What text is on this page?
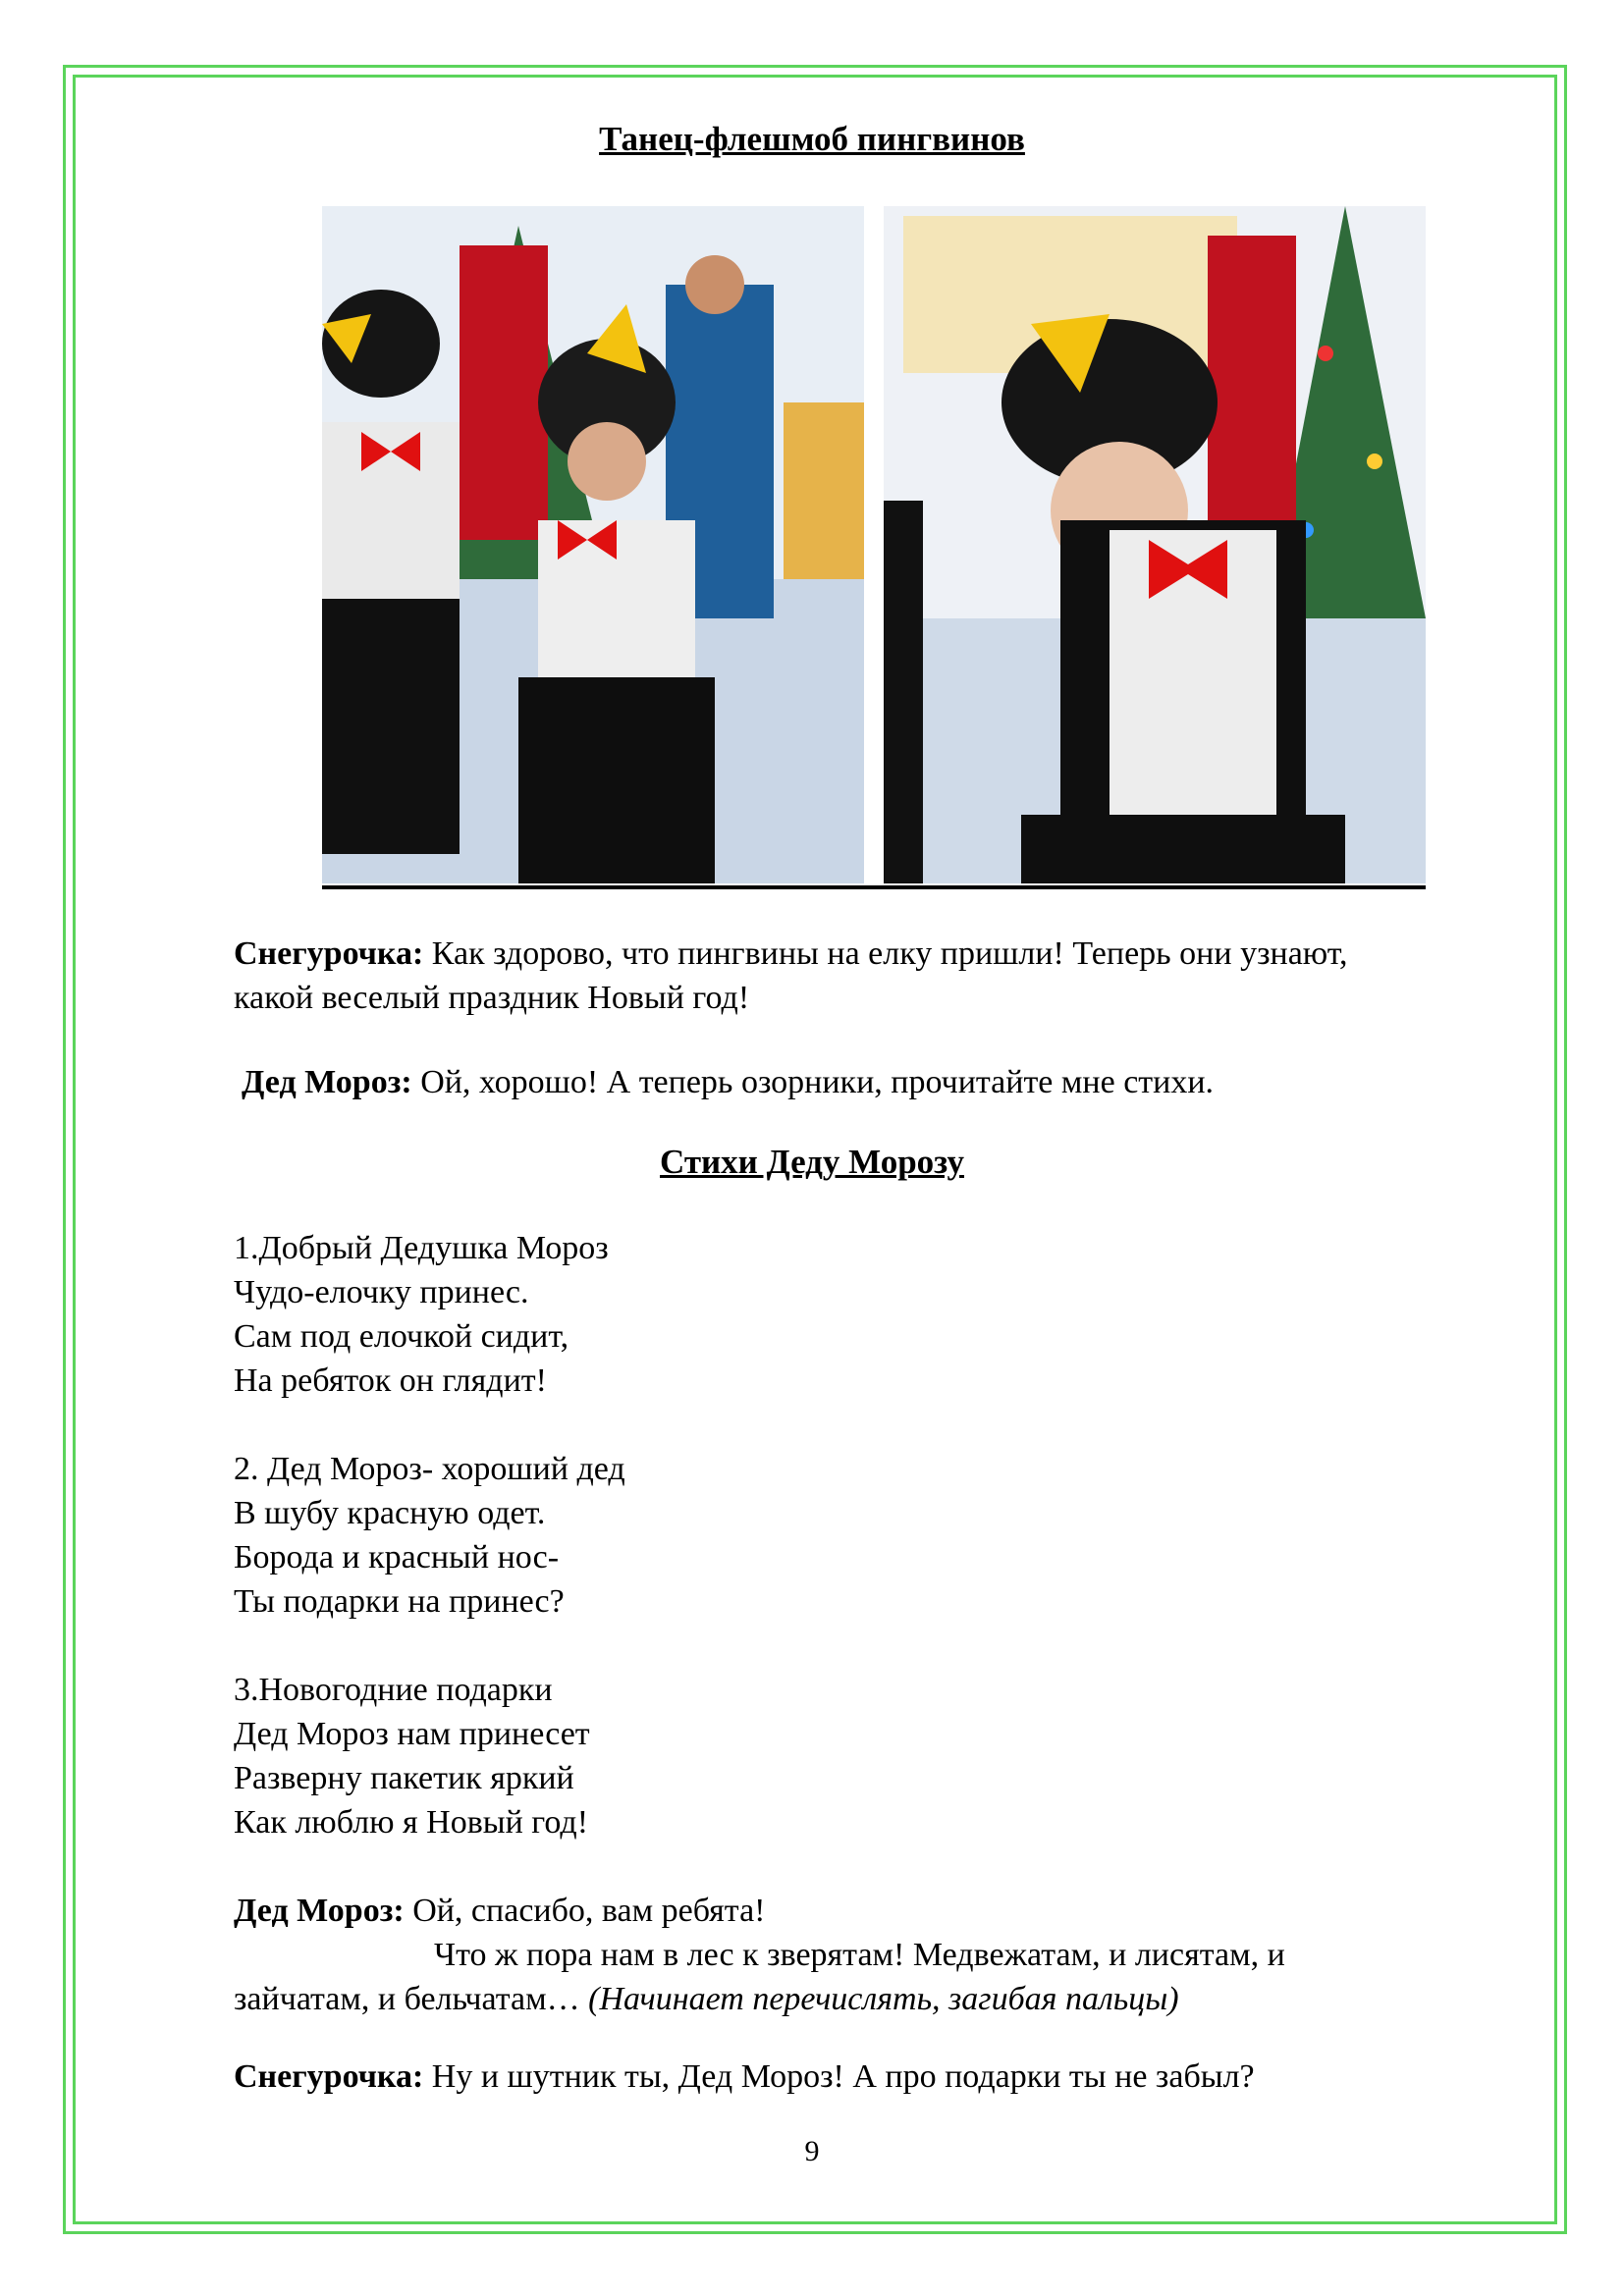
Танец-флешмоб пингвинов

Снегурочка: Как здорово, что пингвины на елку пришли! Теперь они узнают, какой веселый праздник Новый год!

Дед Мороз: Ой, хорошо! А теперь озорники, прочитайте мне стихи.

Стихи Деду Морозу
1.Добрый Дедушка Мороз
Чудо-елочку принес.
Сам под елочкой сидит,
На ребяток он глядит!
2. Дед Мороз- хороший дед
В шубу красную одет.
Борода и красный нос-
Ты подарки на принес?
3.Новогодние подарки
Дед Мороз нам принесет
Разверну пакетик яркий
Как люблю я Новый год!
Дед Мороз: Ой, спасибо, вам ребята!
Что ж пора нам в лес к зверятам! Медвежатам, и лисятам, и
зайчатам, и бельчатам… (Начинает перечислять, загибая пальцы)

Снегурочка: Ну и шутник ты, Дед Мороз! А про подарки ты не забыл?

9
